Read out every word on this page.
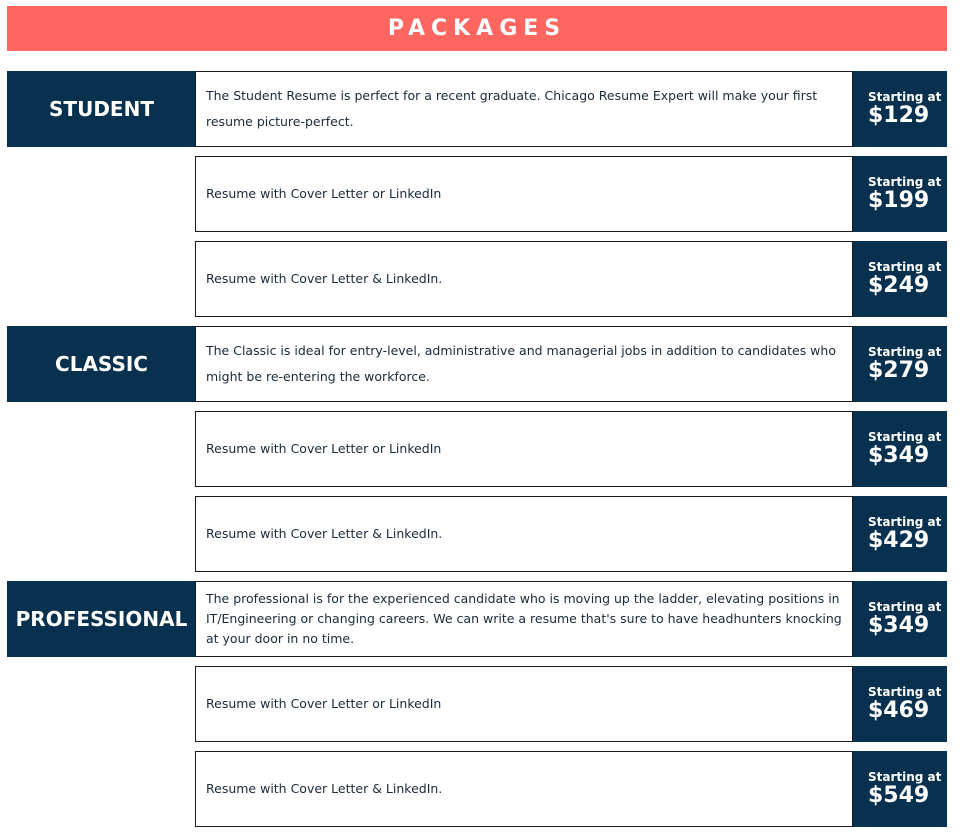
PACKAGES
STUDENT
The Student Resume is perfect for a recent graduate. Chicago Resume Expert will make your first resume picture-perfect.
Starting at
$129
Resume with Cover Letter or LinkedIn
Starting at
$199
Resume with Cover Letter & LinkedIn.
Starting at
$249
CLASSIC
The Classic is ideal for entry-level, administrative and managerial jobs in addition to candidates who might be re-entering the workforce.
Starting at
$279
Resume with Cover Letter or LinkedIn
Starting at
$349
Resume with Cover Letter & LinkedIn.
Starting at
$429
PROFESSIONAL
The professional is for the experienced candidate who is moving up the ladder, elevating positions in IT/Engineering or changing careers. We can write a resume that's sure to have headhunters knocking at your door in no time.
Starting at
$349
Resume with Cover Letter or LinkedIn
Starting at
$469
Resume with Cover Letter & LinkedIn.
Starting at
$549
